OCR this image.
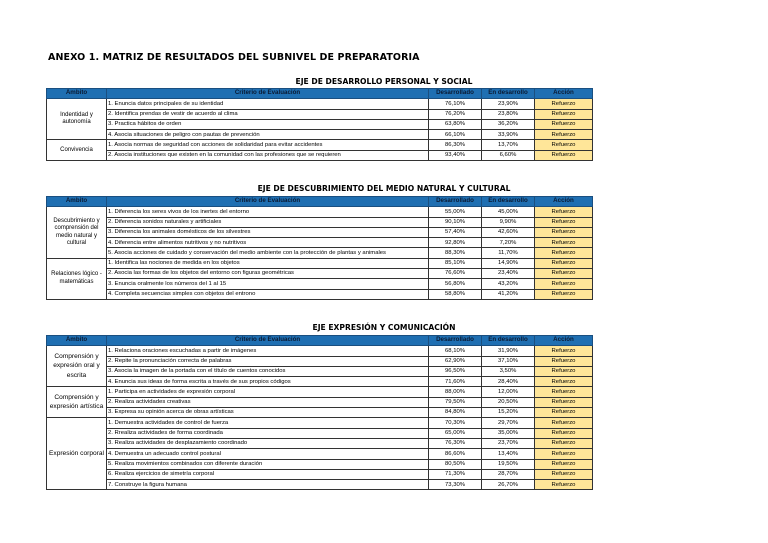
ANEXO 1. MATRIZ DE RESULTADOS DEL SUBNIVEL DE PREPARATORIA
EJE DE DESARROLLO PERSONAL Y SOCIAL
Ámbito	Criterio de Evaluación	Desarrollado	En desarrollo	Acción
Indentidad y autonomía	1. Enuncia datos principales de su identidad	76,10%	23,90%	Refuerzo
	2. Identifica prendas de vestir de acuerdo al clima	76,20%	23,80%	Refuerzo
	3. Practica hábitos de orden	63,80%	36,20%	Refuerzo
	4. Asocia situaciones de peligro con pautas de prevención	66,10%	33,90%	Refuerzo
Convivencia	1. Asocia normas de seguridad con acciones de solidaridad para evitar accidentes	86,30%	13,70%	Refuerzo
	2. Asocia instituciones que existen en la comunidad con las profesiones que se requieren	93,40%	6,60%	Refuerzo
EJE DE DESCUBRIMIENTO DEL MEDIO NATURAL Y CULTURAL
Ámbito	Criterio de Evaluación	Desarrollado	En desarrollo	Acción
Descubrimiento y comprensión del medio natural y cultural	1. Diferencia los seres vivos de los inertes del entorno	55,00%	45,00%	Refuerzo
	2. Diferencia sonidos naturales y artificiales	90,10%	9,90%	Refuerzo
	3. Diferencia los animales domésticos de los silvestres	57,40%	42,60%	Refuerzo
	4. Diferencia entre alimentos nutritivos y no nutritivos	92,80%	7,20%	Refuerzo
	5. Asocia acciones de cuidado y conservación del medio ambiente con la protección de plantas y animales	88,30%	11,70%	Refuerzo
Relaciones lógico - matemáticas	1. Identifica las nociones de medida en los objetos	85,10%	14,90%	Refuerzo
	2. Asocia las formas de los objetos del entorno con figuras geométricas	76,60%	23,40%	Refuerzo
	3. Enuncia oralmente los números del 1 al 15	56,80%	43,20%	Refuerzo
	4. Completa secuencias simples con objetos del entrono	58,80%	41,20%	Refuerzo
EJE EXPRESIÓN Y COMUNICACIÓN
Ámbito	Criterio de Evaluación	Desarrollado	En desarrollo	Acción
Comprensión y expresión oral y escrita	1. Relaciona oraciones escuchadas a partir de imágenes	68,10%	31,90%	Refuerzo
	2. Repite la pronunciación correcta de palabras	62,90%	37,10%	Refuerzo
	3. Asocia la imagen de la portada con el título de cuentos conocidos	96,50%	3,50%	Refuerzo
	4. Enuncia sus ideas de forma escrita a través de sus propios códigos	71,60%	28,40%	Refuerzo
Comprensión y expresión artística	1. Participa en actividades de expresión corporal	88,00%	12,00%	Refuerzo
	2. Realiza actividades creativas	79,50%	20,50%	Refuerzo
	3. Expresa su opinión acerca de obras artísticas	84,80%	15,20%	Refuerzo
Expresión corporal	1. Demuestra actividades de control de fuerza	70,30%	29,70%	Refuerzo
	2. Rrealiza actividades de forma coordinada	65,00%	35,00%	Refuerzo
	3. Realiza actividades de desplazamiento coordinado	76,30%	23,70%	Refuerzo
	4. Demuestra un adecuado control postural	86,60%	13,40%	Refuerzo
	5. Realiza movimientos combinados con diferente duración	80,50%	19,50%	Refuerzo
	6. Realiza ejercicios de simetría corporal	71,30%	28,70%	Refuerzo
	7. Construye la figura humana	73,30%	26,70%	Refuerzo
